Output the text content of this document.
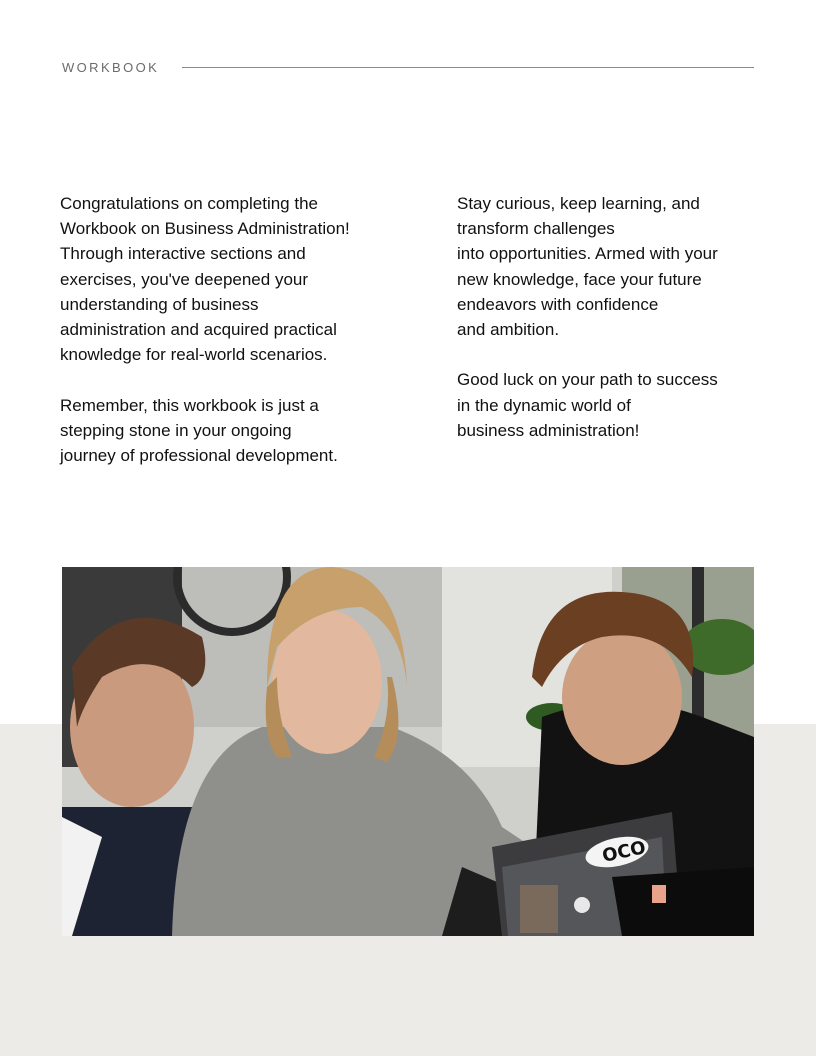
WORKBOOK

Congratulations on completing the
Workbook on Business Administration!
Through interactive sections and
exercises, you've deepened your
understanding of business
administration and acquired practical
knowledge for real-world scenarios.

Remember, this workbook is just a
stepping stone in your ongoing
journey of professional development.

Stay curious, keep learning, and
transform challenges
into opportunities. Armed with your
new knowledge, face your future
endeavors with confidence
and ambition.

Good luck on your path to success
in the dynamic world of
business administration!

OCO
